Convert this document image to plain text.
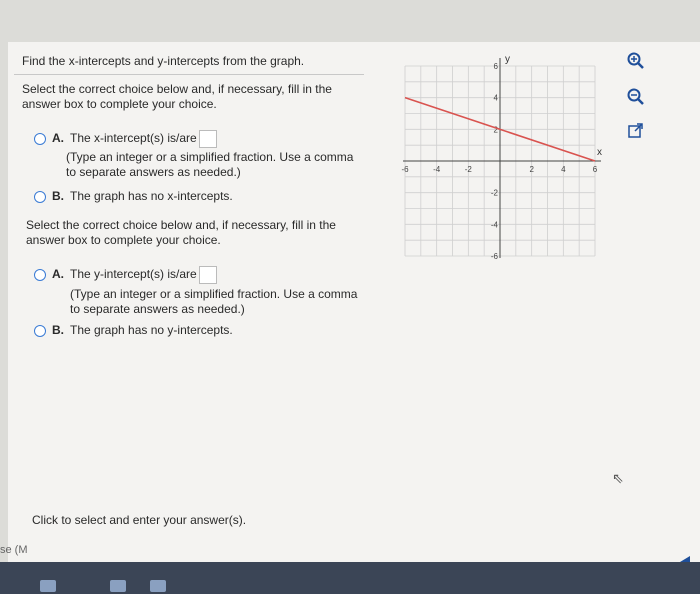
Find the x-intercepts and y-intercepts from the graph.
Select the correct choice below and, if necessary, fill in the answer box to complete your choice.
A. The x-intercept(s) is/are
(Type an integer or a simplified fraction. Use a comma to separate answers as needed.)
B. The graph has no x-intercepts.
Select the correct choice below and, if necessary, fill in the answer box to complete your choice.
A. The y-intercept(s) is/are
(Type an integer or a simplified fraction. Use a comma to separate answers as needed.)
B. The graph has no y-intercepts.
Click to select and enter your answer(s).
-6	-4	-2	2	4	6
6
4
2
-2
-4
-6
x
y
⇖
se (M
